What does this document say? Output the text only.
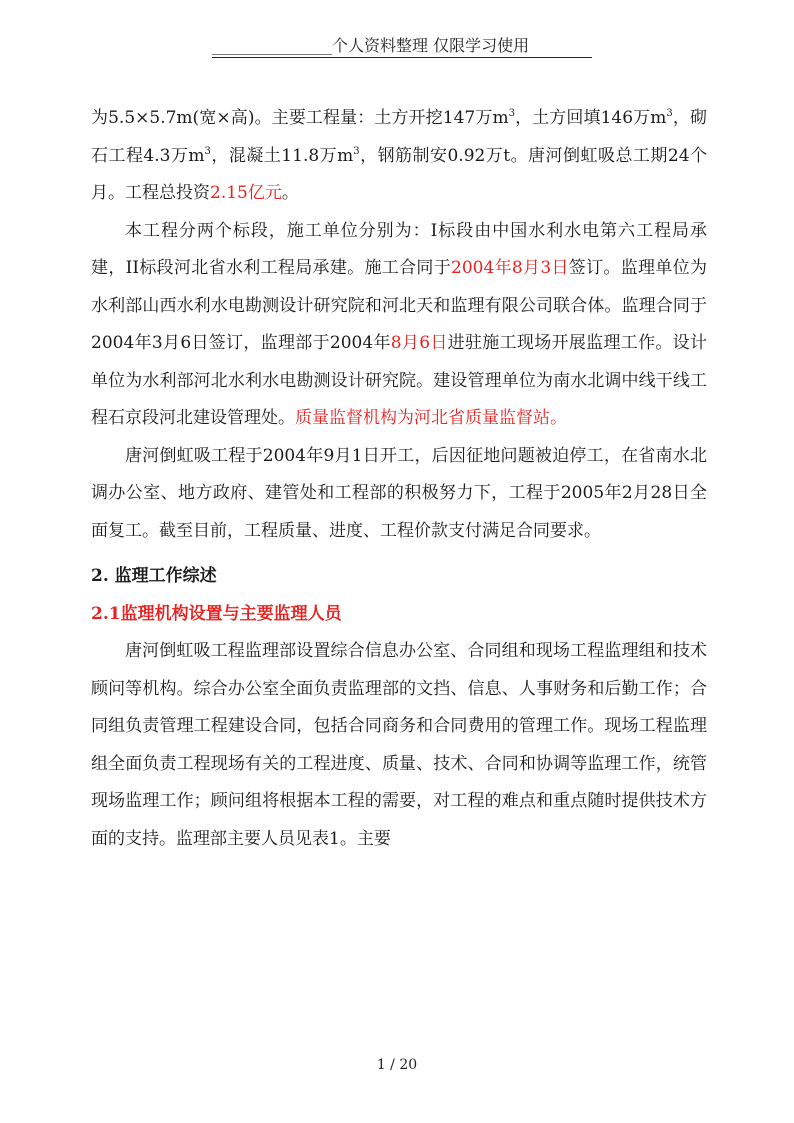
_______________个人资料整理 仅限学习使用

为5.5×5.7m(宽×高)。主要工程量：土方开挖147万$m^3$，土方回填146万$m^3$，砌石工程4.3万$m^3$，混凝土11.8万$m^3$，钢筋制安0.92万t。唐河倒虹吸总工期24个月。工程总投资2.15亿元。

本工程分两个标段，施工单位分别为：I标段由中国水利水电第六工程局承建，II标段河北省水利工程局承建。施工合同于2004年8月3日签订。监理单位为水利部山西水利水电勘测设计研究院和河北天和监理有限公司联合体。监理合同于2004年3月6日签订，监理部于2004年8月6日进驻施工现场开展监理工作。设计单位为水利部河北水利水电勘测设计研究院。建设管理单位为南水北调中线干线工程石京段河北建设管理处。质量监督机构为河北省质量监督站。

唐河倒虹吸工程于2004年9月1日开工，后因征地问题被迫停工，在省南水北调办公室、地方政府、建管处和工程部的积极努力下，工程于2005年2月28日全面复工。截至目前，工程质量、进度、工程价款支付满足合同要求。

2. 监理工作综述

2.1监理机构设置与主要监理人员

唐河倒虹吸工程监理部设置综合信息办公室、合同组和现场工程监理组和技术顾问等机构。综合办公室全面负责监理部的文挡、信息、人事财务和后勤工作；合同组负责管理工程建设合同，包括合同商务和合同费用的管理工作。现场工程监理组全面负责工程现场有关的工程进度、质量、技术、合同和协调等监理工作，统管现场监理工作；顾问组将根据本工程的需要，对工程的难点和重点随时提供技术方面的支持。监理部主要人员见表1。主要

1 / 20
